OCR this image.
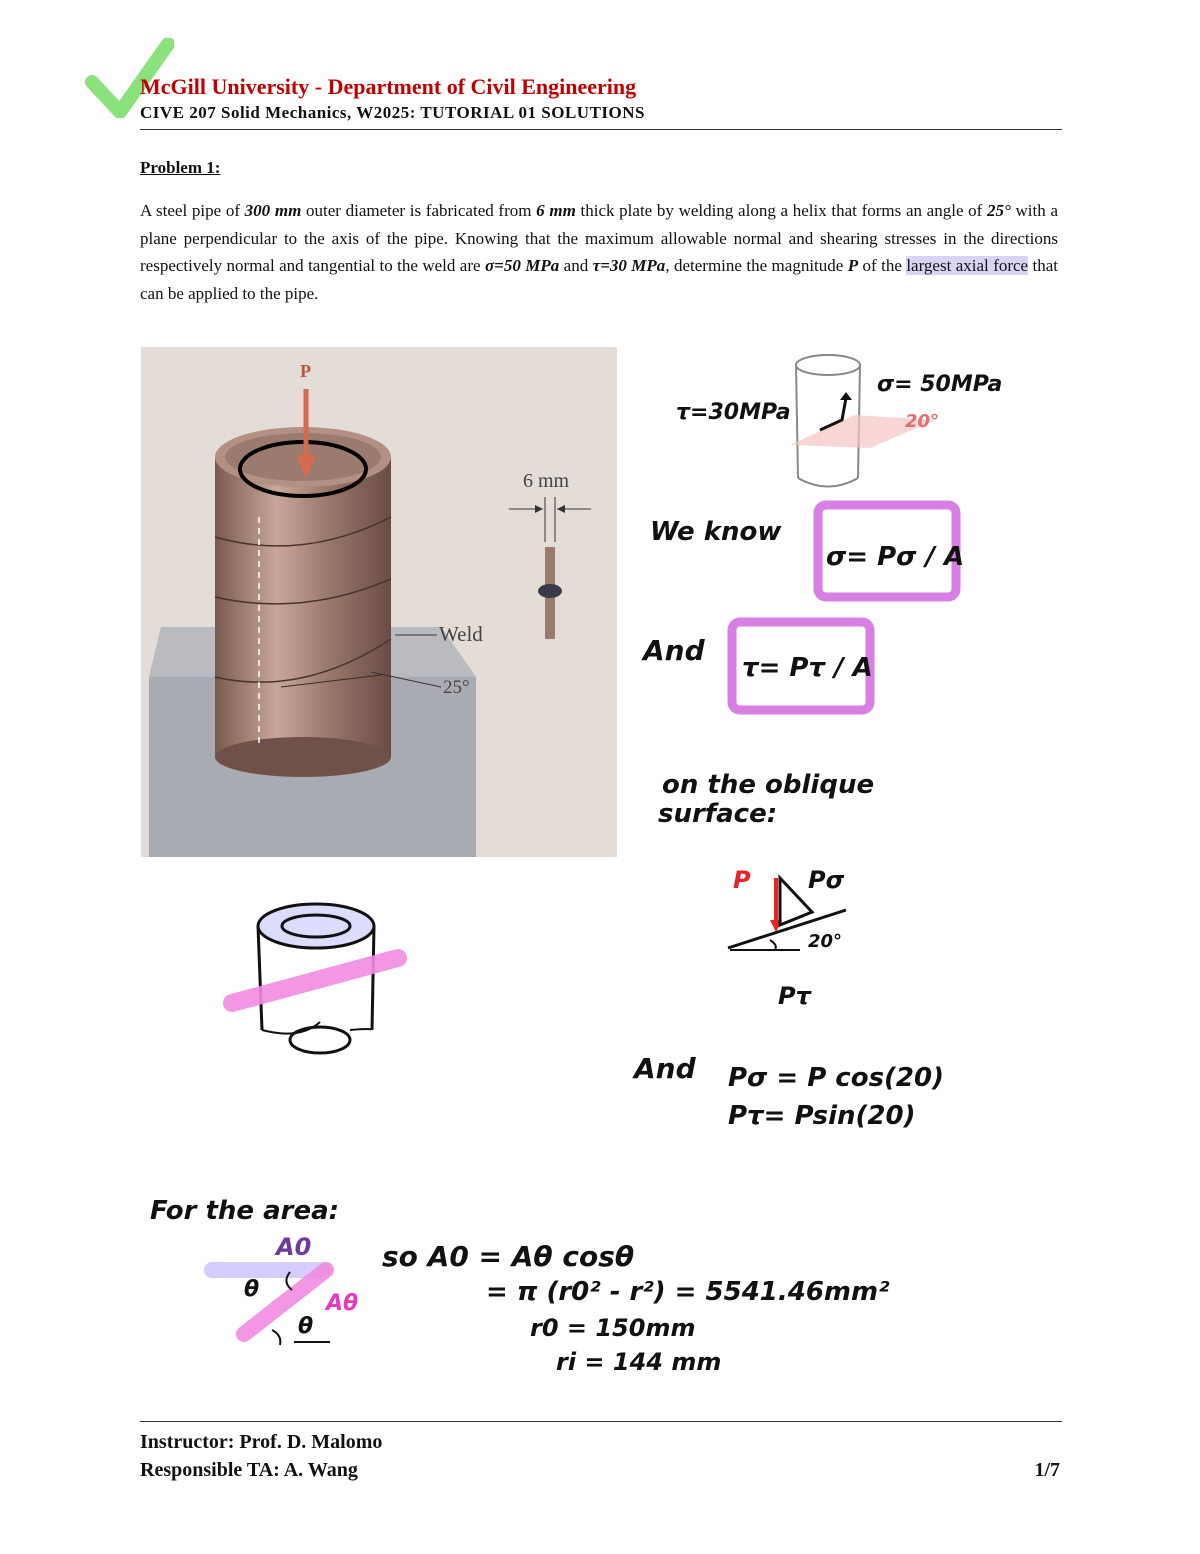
McGill University - Department of Civil Engineering
CIVE 207 Solid Mechanics, W2025: TUTORIAL 01 SOLUTIONS
Problem 1:
A steel pipe of 300 mm outer diameter is fabricated from 6 mm thick plate by welding along a helix that forms an angle of 25° with a plane perpendicular to the axis of the pipe. Knowing that the maximum allowable normal and shearing stresses in the directions respectively normal and tangential to the weld are σ=50 MPa and τ=30 MPa, determine the magnitude P of the largest axial force that can be applied to the pipe.
P
Weld
25°
6 mm
τ=30MPa
σ= 50MPa
20°
We know
σ= Pσ / A
And
τ= Pτ / A
on the oblique
surface:
P Pσ
20°
Pτ
And Pσ = P cos(20)
Pτ= Psin(20)
For the area:
A0
θ
Aθ
θ
so A0 = Aθ cosθ
= π (r0² - r²) = 5541.46mm²
r0 = 150mm
ri = 144 mm
Instructor: Prof. D. Malomo
Responsible TA: A. Wang	1/7
